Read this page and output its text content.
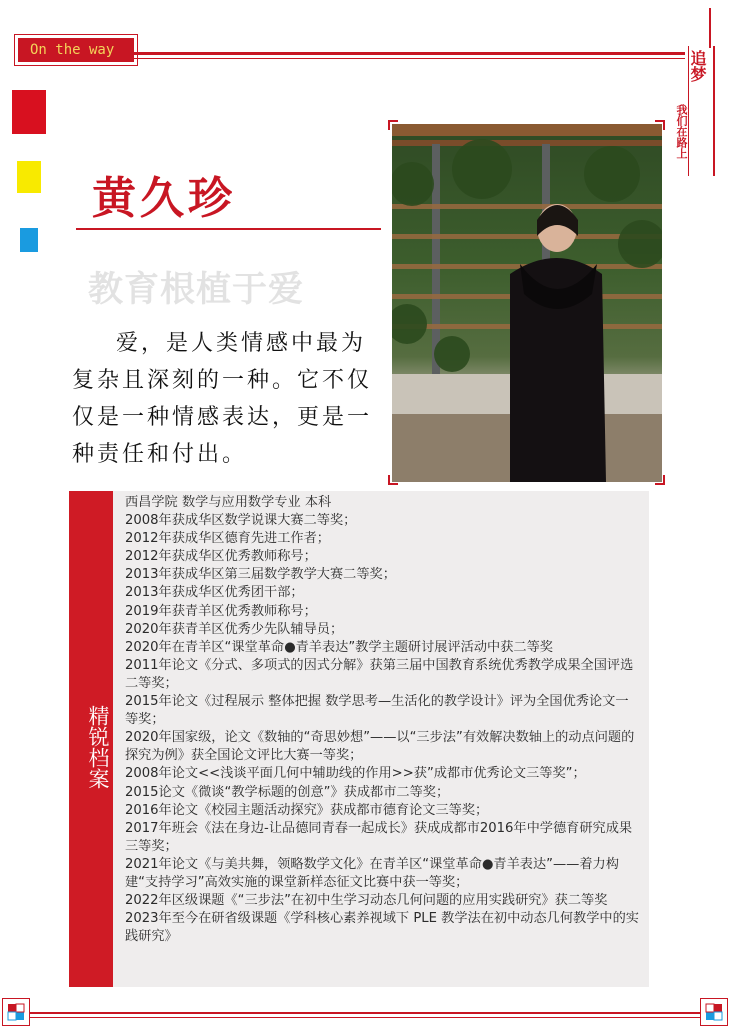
On the way	追梦
我们在路上
黄久珍
教育根植于爱
爱，是人类情感中最为复杂且深刻的一种。它不仅仅是一种情感表达，更是一种责任和付出。
精锐档案

西昌学院 数学与应用数学专业 本科

2008年获成华区数学说课大赛二等奖；

2012年获成华区德育先进工作者；

2012年获成华区优秀教师称号；

2013年获成华区第三届数学教学大赛二等奖；

2013年获成华区优秀团干部；

2019年获青羊区优秀教师称号；

2020年获青羊区优秀少先队辅导员；

2020年在青羊区“课堂革命●青羊表达”教学主题研讨展评活动中获二等奖

2011年论文《分式、多项式的因式分解》获第三届中国教育系统优秀教学成果全国评选二等奖；

2015年论文《过程展示 整体把握 数学思考—生活化的教学设计》评为全国优秀论文一等奖；

2020年国家级，论文《数轴的“奇思妙想”——以“三步法”有效解决数轴上的动点问题的探究为例》获全国论文评比大赛一等奖；

2008年论文<<浅谈平面几何中辅助线的作用>>获”成都市优秀论文三等奖”；

2015论文《微谈“教学标题的创意”》获成都市二等奖；

2016年论文《校园主题活动探究》获成都市德育论文三等奖；

2017年班会《法在身边-让品德同青春一起成长》获成成都市2016年中学德育研究成果三等奖；

2021年论文《与美共舞，领略数学文化》在青羊区“课堂革命●青羊表达”——着力构建“支持学习”高效实施的课堂新样态征文比赛中获一等奖；

2022年区级课题《“三步法”在初中生学习动态几何问题的应用实践研究》获二等奖

2023年至今在研省级课题《学科核心素养视域下 PLE 教学法在初中动态几何教学中的实践研究》
